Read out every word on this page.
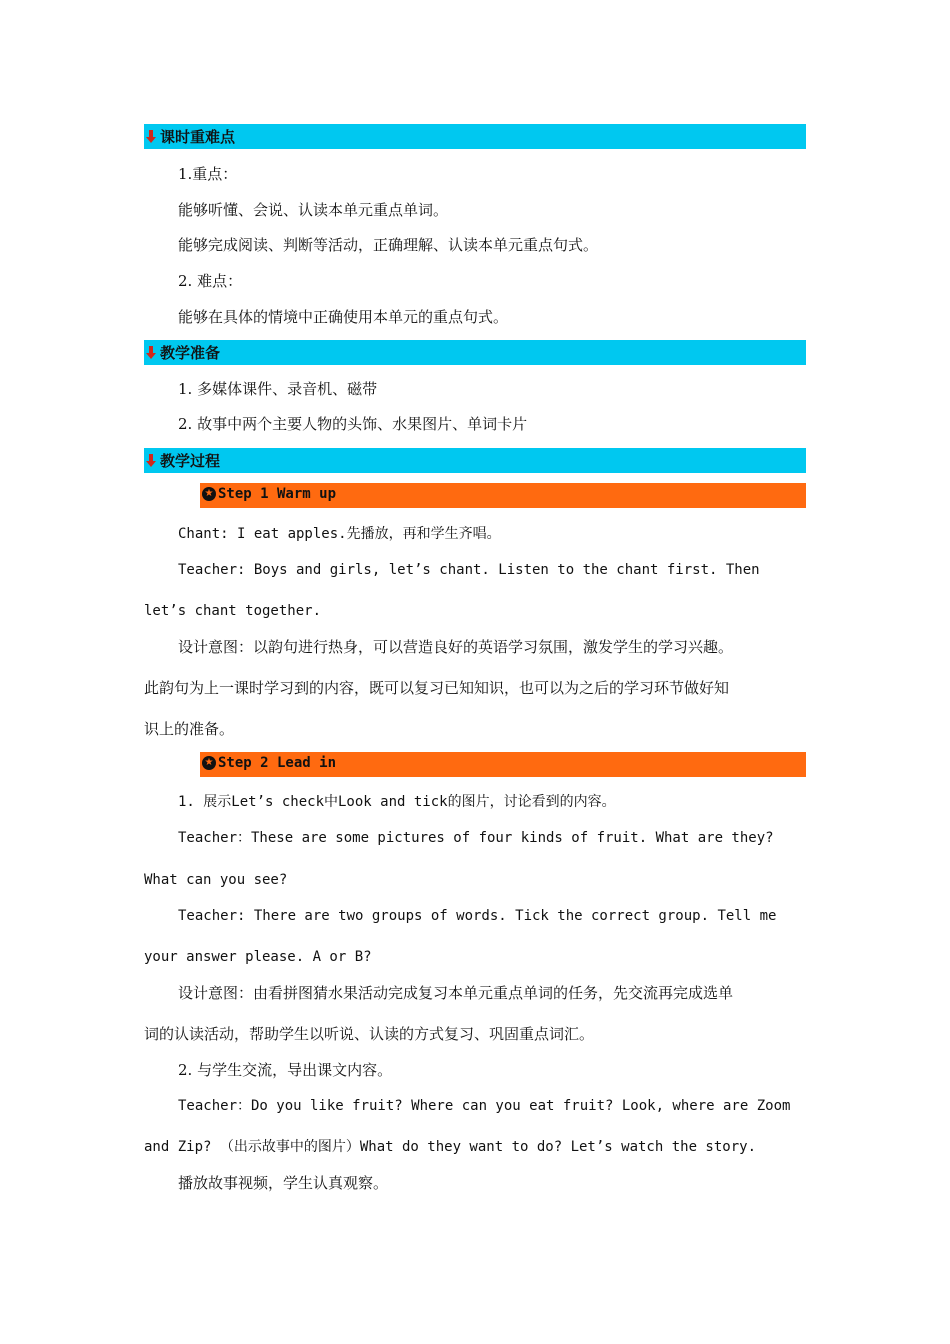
课时重难点
1.重点：
能够听懂、会说、认读本单元重点单词。
能够完成阅读、判断等活动，正确理解、认读本单元重点句式。
2. 难点：
能够在具体的情境中正确使用本单元的重点句式。
教学准备
1. 多媒体课件、录音机、磁带
2. 故事中两个主要人物的头饰、水果图片、单词卡片
教学过程
★ Step 1 Warm up
Chant: I eat apples.先播放，再和学生齐唱。
Teacher: Boys and girls, let’s chant. Listen to the chant first. Then
let’s chant together.
设计意图：以韵句进行热身，可以营造良好的英语学习氛围，激发学生的学习兴趣。
此韵句为上一课时学习到的内容，既可以复习已知知识，也可以为之后的学习环节做好知
识上的准备。
★ Step 2 Lead in
1. 展示Let’s check中Look and tick的图片，讨论看到的内容。
Teacher：These are some pictures of four kinds of fruit. What are they?
What can you see?
Teacher: There are two groups of words. Tick the correct group. Tell me
your answer please. A or B?
设计意图：由看拼图猜水果活动完成复习本单元重点单词的任务，先交流再完成选单
词的认读活动，帮助学生以听说、认读的方式复习、巩固重点词汇。
2. 与学生交流，导出课文内容。
Teacher：Do you like fruit? Where can you eat fruit? Look, where are Zoom
and Zip? （出示故事中的图片）What do they want to do? Let’s watch the story.
播放故事视频，学生认真观察。
